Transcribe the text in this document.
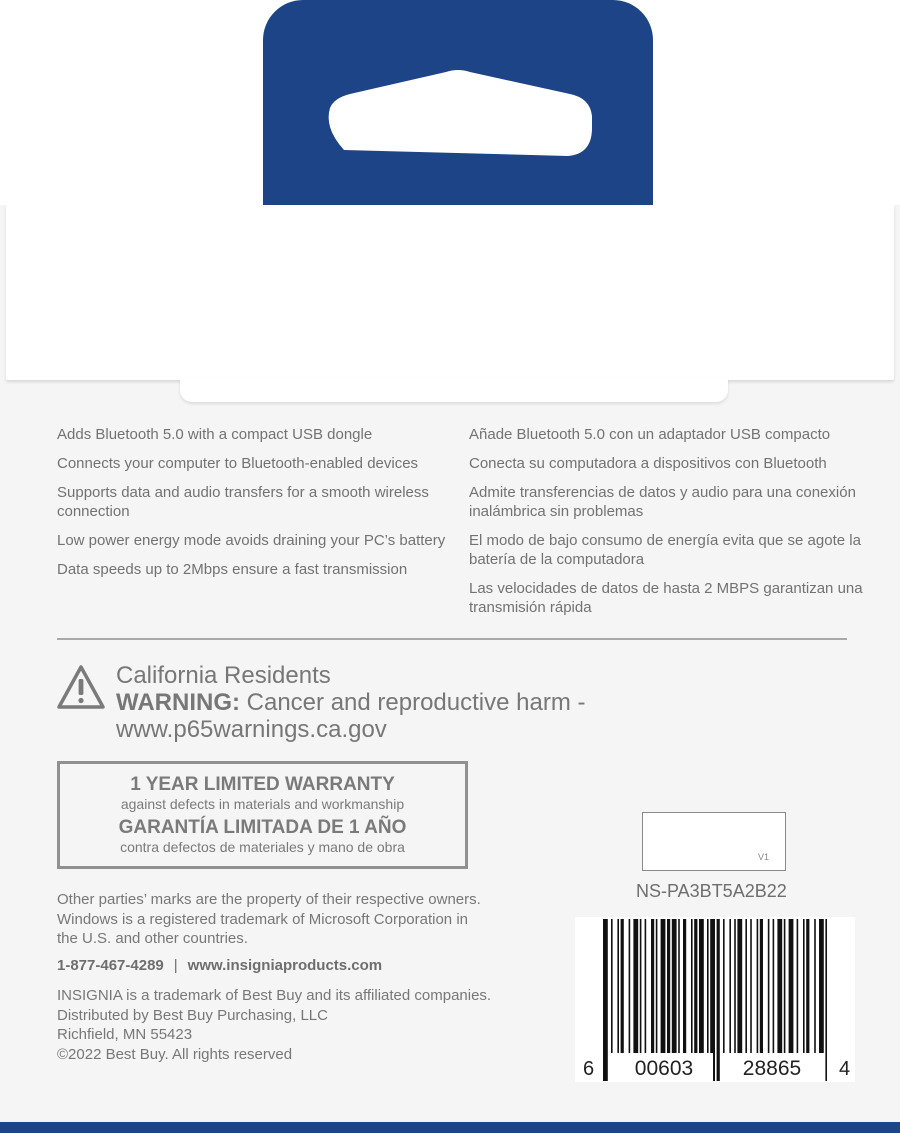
Adds Bluetooth 5.0 with a compact USB dongle
Connects your computer to Bluetooth-enabled devices
Supports data and audio transfers for a smooth wireless connection
Low power energy mode avoids draining your PC’s battery
Data speeds up to 2Mbps ensure a fast transmission
Añade Bluetooth 5.0 con un adaptador USB compacto
Conecta su computadora a dispositivos con Bluetooth
Admite transferencias de datos y audio para una conexión inalámbrica sin problemas
El modo de bajo consumo de energía evita que se agote la batería de la computadora
Las velocidades de datos de hasta 2 MBPS garantizan una transmisión rápida
California Residents
WARNING: Cancer and reproductive harm -
www.p65warnings.ca.gov
1 YEAR LIMITED WARRANTY
against defects in materials and workmanship
GARANTÍA LIMITADA DE 1 AÑO
contra defectos de materiales y mano de obra
Other parties’ marks are the property of their respective owners.
Windows is a registered trademark of Microsoft Corporation in
the U.S. and other countries.
1-877-467-4289 | www.insigniaproducts.com
INSIGNIA is a trademark of Best Buy and its affiliated companies.
Distributed by Best Buy Purchasing, LLC
Richfield, MN 55423
©2022 Best Buy. All rights reserved
V1
NS-PA3BT5A2B22
6 00603 28865 4
